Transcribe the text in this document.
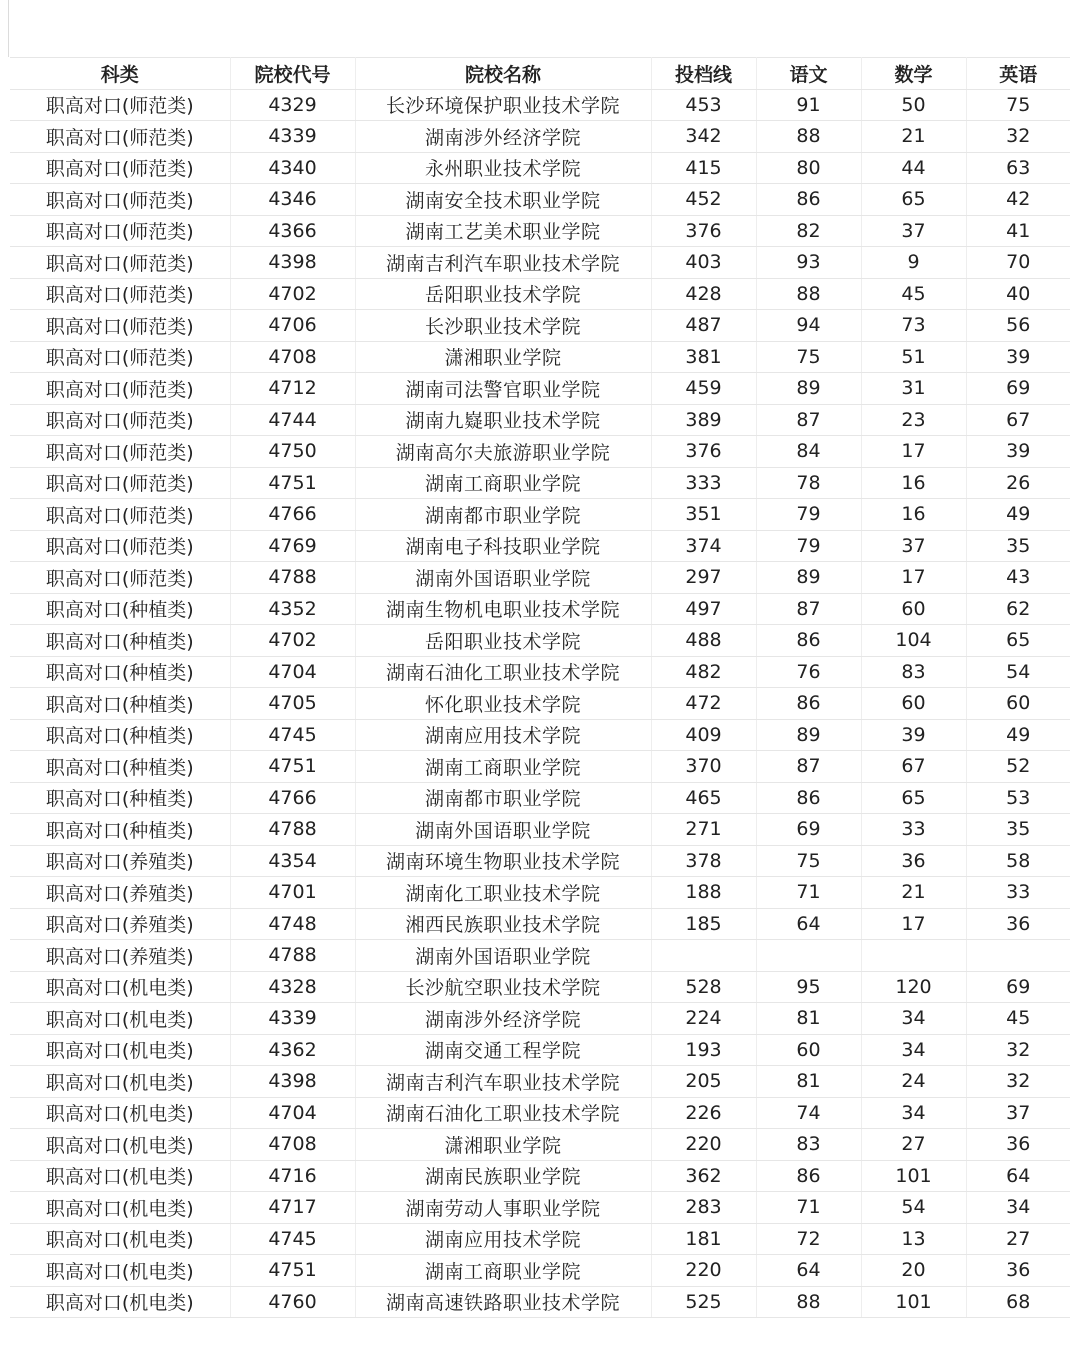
科类	院校代号	院校名称	投档线	语文	数学	英语
职高对口(师范类)	4329	长沙环境保护职业技术学院	453	91	50	75
职高对口(师范类)	4339	湖南涉外经济学院	342	88	21	32
职高对口(师范类)	4340	永州职业技术学院	415	80	44	63
职高对口(师范类)	4346	湖南安全技术职业学院	452	86	65	42
职高对口(师范类)	4366	湖南工艺美术职业学院	376	82	37	41
职高对口(师范类)	4398	湖南吉利汽车职业技术学院	403	93	9	70
职高对口(师范类)	4702	岳阳职业技术学院	428	88	45	40
职高对口(师范类)	4706	长沙职业技术学院	487	94	73	56
职高对口(师范类)	4708	潇湘职业学院	381	75	51	39
职高对口(师范类)	4712	湖南司法警官职业学院	459	89	31	69
职高对口(师范类)	4744	湖南九嶷职业技术学院	389	87	23	67
职高对口(师范类)	4750	湖南高尔夫旅游职业学院	376	84	17	39
职高对口(师范类)	4751	湖南工商职业学院	333	78	16	26
职高对口(师范类)	4766	湖南都市职业学院	351	79	16	49
职高对口(师范类)	4769	湖南电子科技职业学院	374	79	37	35
职高对口(师范类)	4788	湖南外国语职业学院	297	89	17	43
职高对口(种植类)	4352	湖南生物机电职业技术学院	497	87	60	62
职高对口(种植类)	4702	岳阳职业技术学院	488	86	104	65
职高对口(种植类)	4704	湖南石油化工职业技术学院	482	76	83	54
职高对口(种植类)	4705	怀化职业技术学院	472	86	60	60
职高对口(种植类)	4745	湖南应用技术学院	409	89	39	49
职高对口(种植类)	4751	湖南工商职业学院	370	87	67	52
职高对口(种植类)	4766	湖南都市职业学院	465	86	65	53
职高对口(种植类)	4788	湖南外国语职业学院	271	69	33	35
职高对口(养殖类)	4354	湖南环境生物职业技术学院	378	75	36	58
职高对口(养殖类)	4701	湖南化工职业技术学院	188	71	21	33
职高对口(养殖类)	4748	湘西民族职业技术学院	185	64	17	36
职高对口(养殖类)	4788	湖南外国语职业学院				
职高对口(机电类)	4328	长沙航空职业技术学院	528	95	120	69
职高对口(机电类)	4339	湖南涉外经济学院	224	81	34	45
职高对口(机电类)	4362	湖南交通工程学院	193	60	34	32
职高对口(机电类)	4398	湖南吉利汽车职业技术学院	205	81	24	32
职高对口(机电类)	4704	湖南石油化工职业技术学院	226	74	34	37
职高对口(机电类)	4708	潇湘职业学院	220	83	27	36
职高对口(机电类)	4716	湖南民族职业学院	362	86	101	64
职高对口(机电类)	4717	湖南劳动人事职业学院	283	71	54	34
职高对口(机电类)	4745	湖南应用技术学院	181	72	13	27
职高对口(机电类)	4751	湖南工商职业学院	220	64	20	36
职高对口(机电类)	4760	湖南高速铁路职业技术学院	525	88	101	68
